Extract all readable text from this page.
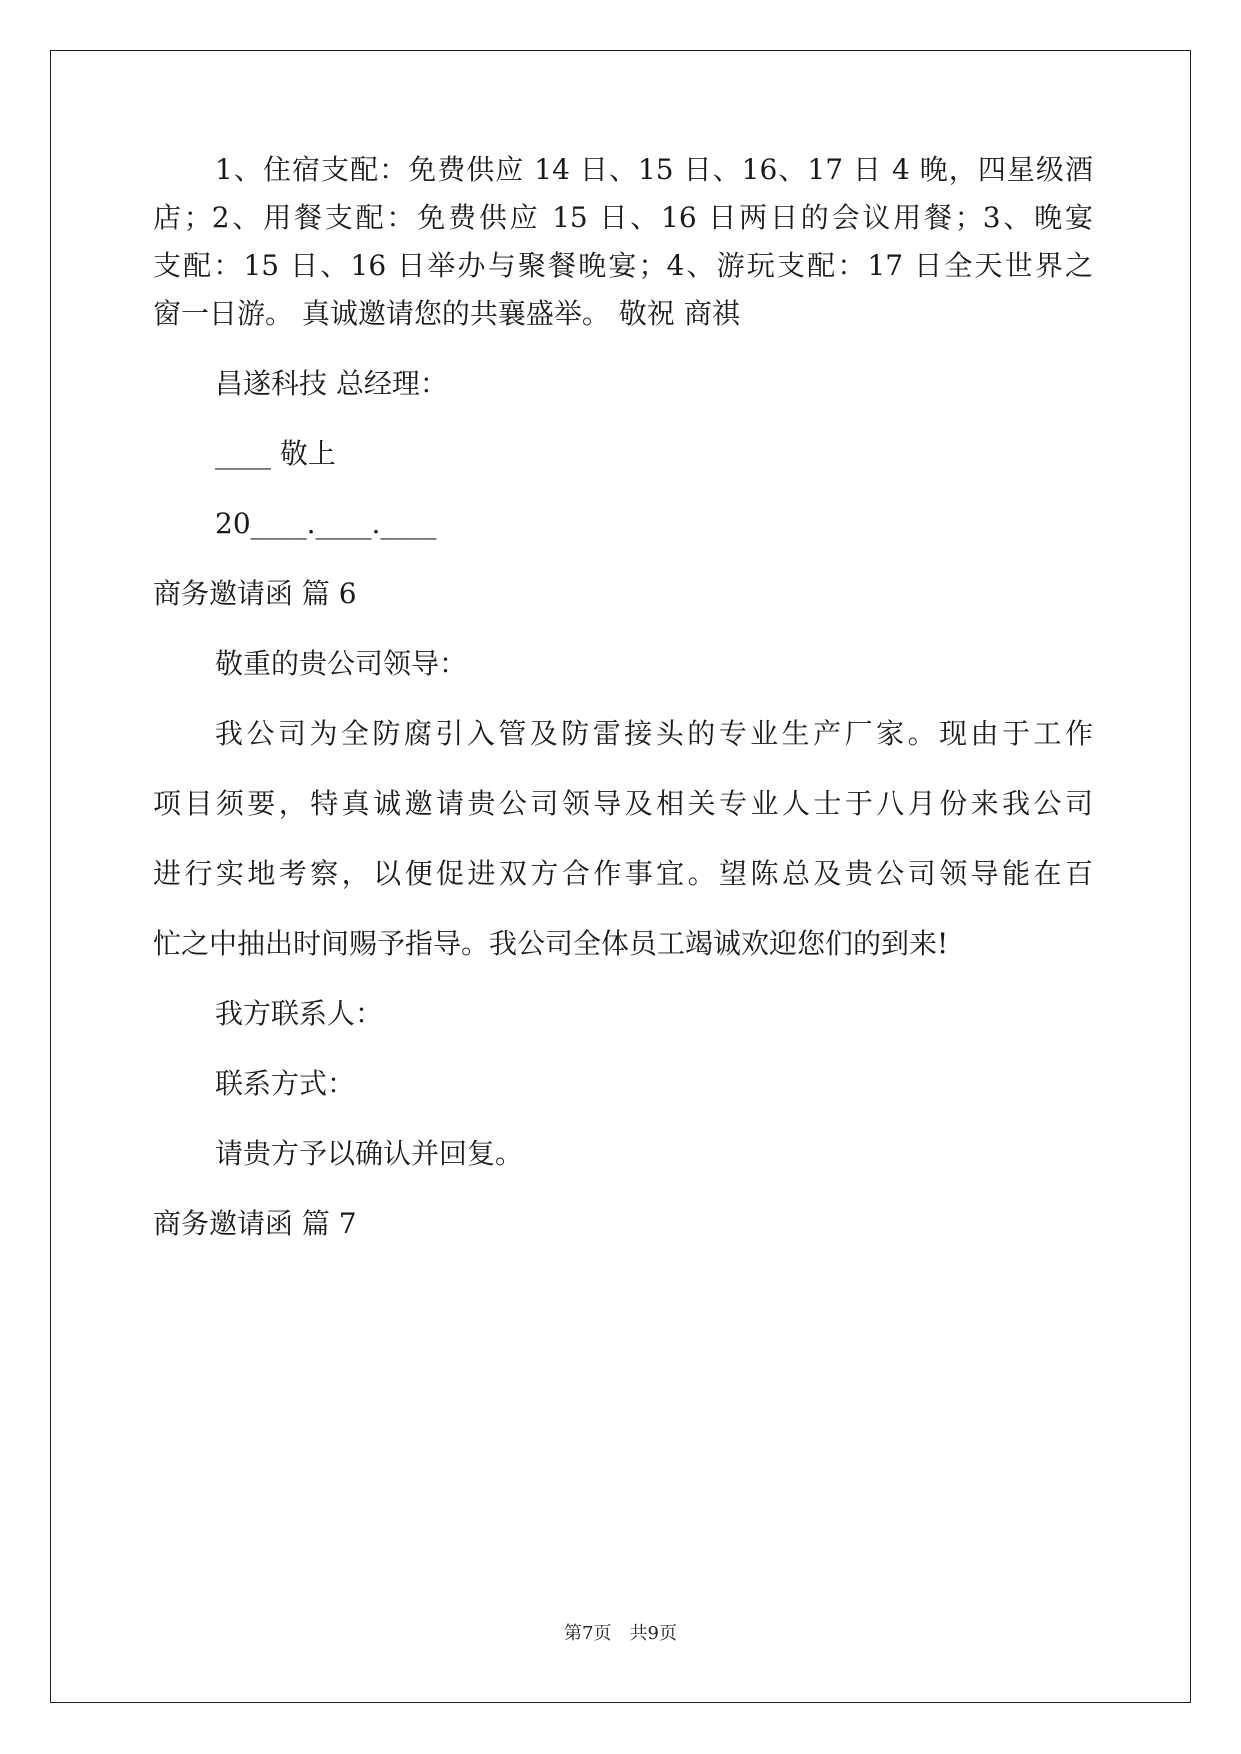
1、住宿支配：免费供应 14 日、15 日、16、17 日 4 晚，四星级酒
店；2、用餐支配：免费供应 15 日、16 日两日的会议用餐；3、晚宴
支配：15 日、16 日举办与聚餐晚宴；4、游玩支配：17 日全天世界之
窗一日游。 真诚邀请您的共襄盛举。 敬祝 商祺
昌遂科技 总经理：
____ 敬上
20____.____.____
商务邀请函 篇 6
敬重的贵公司领导：
我公司为全防腐引入管及防雷接头的专业生产厂家。现由于工作
项目须要，特真诚邀请贵公司领导及相关专业人士于八月份来我公司
进行实地考察，以便促进双方合作事宜。望陈总及贵公司领导能在百
忙之中抽出时间赐予指导。我公司全体员工竭诚欢迎您们的到来!
我方联系人：
联系方式：
请贵方予以确认并回复。
商务邀请函 篇 7
第7页 共9页
